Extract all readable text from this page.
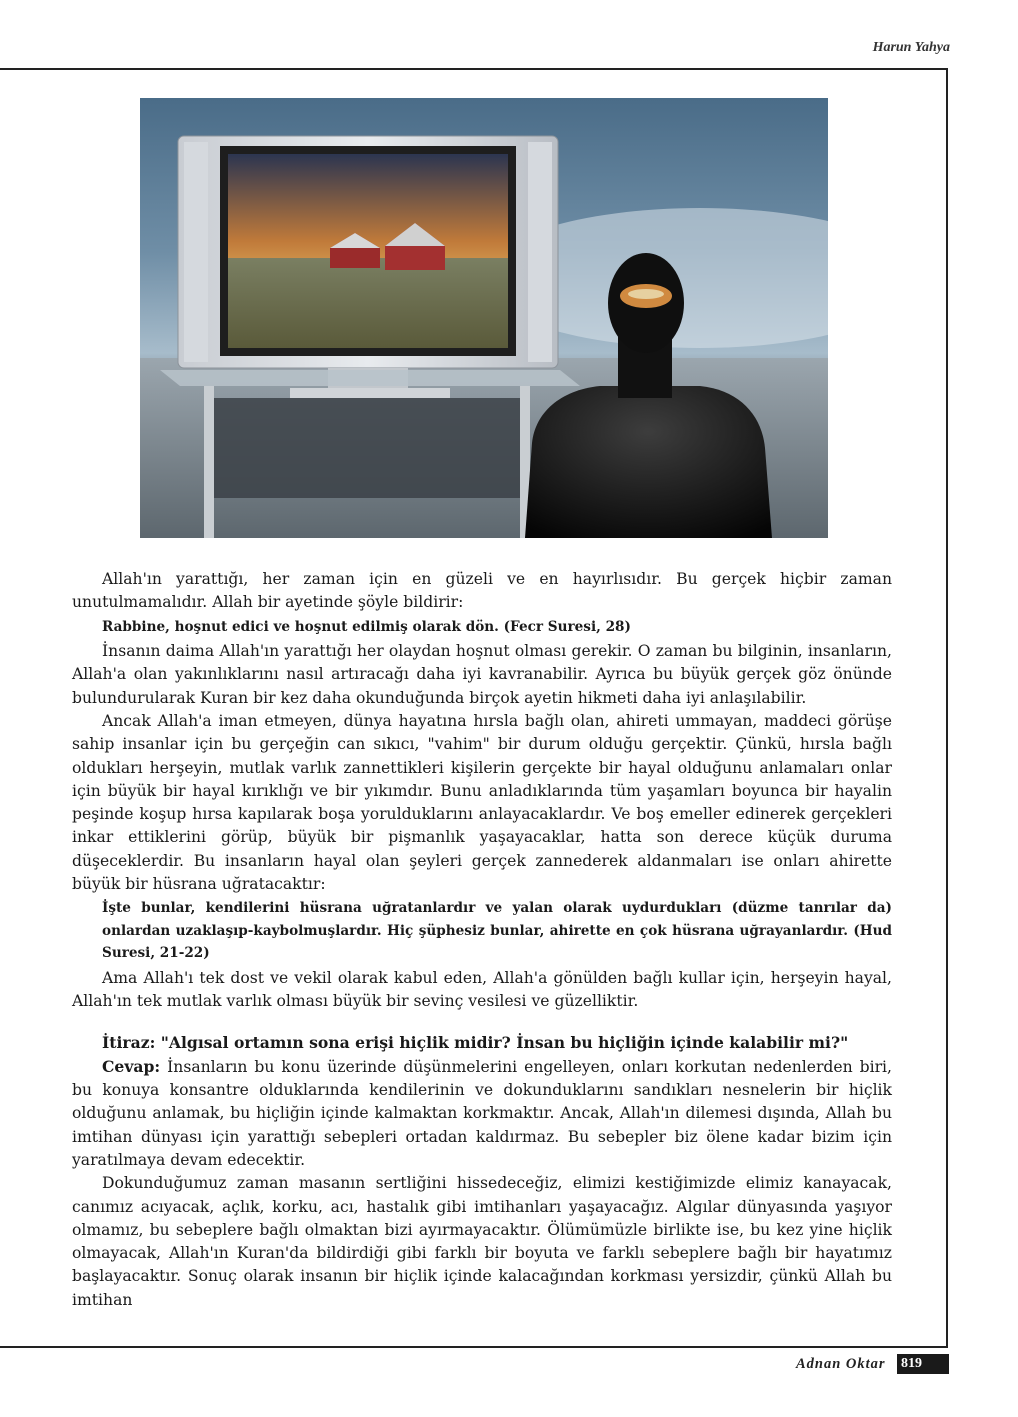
Harun Yahya

Allah'ın yarattığı, her zaman için en güzeli ve en hayırlısıdır. Bu gerçek hiçbir zaman unutulmamalıdır. Allah bir ayetinde şöyle bildirir:

Rabbine, hoşnut edici ve hoşnut edilmiş olarak dön. (Fecr Suresi, 28)

İnsanın daima Allah'ın yarattığı her olaydan hoşnut olması gerekir. O zaman bu bilginin, insanların, Allah'a olan yakınlıklarını nasıl artıracağı daha iyi kavranabilir. Ayrıca bu büyük gerçek göz önünde bulundurularak Kuran bir kez daha okunduğunda birçok ayetin hikmeti daha iyi anlaşılabilir.

Ancak Allah'a iman etmeyen, dünya hayatına hırsla bağlı olan, ahireti ummayan, maddeci görüşe sahip insanlar için bu gerçeğin can sıkıcı, "vahim" bir durum olduğu gerçektir. Çünkü, hırsla bağlı oldukları herşeyin, mutlak varlık zannettikleri kişilerin gerçekte bir hayal olduğunu anlamaları onlar için büyük bir hayal kırıklığı ve bir yıkımdır. Bunu anladıklarında tüm yaşamları boyunca bir hayalin peşinde koşup hırsa kapılarak boşa yorulduklarını anlayacaklardır. Ve boş emeller edinerek gerçekleri inkar ettiklerini görüp, büyük bir pişmanlık yaşayacaklar, hatta son derece küçük duruma düşeceklerdir. Bu insanların hayal olan şeyleri gerçek zannederek aldanmaları ise onları ahirette büyük bir hüsrana uğratacaktır:

İşte bunlar, kendilerini hüsrana uğratanlardır ve yalan olarak uydurdukları (düzme tanrılar da) onlardan uzaklaşıp-kaybolmuşlardır. Hiç şüphesiz bunlar, ahirette en çok hüsrana uğrayanlardır. (Hud Suresi, 21-22)

Ama Allah'ı tek dost ve vekil olarak kabul eden, Allah'a gönülden bağlı kullar için, herşeyin hayal, Allah'ın tek mutlak varlık olması büyük bir sevinç vesilesi ve güzelliktir.

İtiraz: "Algısal ortamın sona erişi hiçlik midir? İnsan bu hiçliğin içinde kalabilir mi?"

Cevap: İnsanların bu konu üzerinde düşünmelerini engelleyen, onları korkutan nedenlerden biri, bu konuya konsantre olduklarında kendilerinin ve dokunduklarını sandıkları nesnelerin bir hiçlik olduğunu anlamak, bu hiçliğin içinde kalmaktan korkmaktır. Ancak, Allah'ın dilemesi dışında, Allah bu imtihan dünyası için yarattığı sebepleri ortadan kaldırmaz. Bu sebepler biz ölene kadar bizim için yaratılmaya devam edecektir.

Dokunduğumuz zaman masanın sertliğini hissedeceğiz, elimizi kestiğimizde elimiz kanayacak, canımız acıyacak, açlık, korku, acı, hastalık gibi imtihanları yaşayacağız. Algılar dünyasında yaşıyor olmamız, bu sebeplere bağlı olmaktan bizi ayırmayacaktır. Ölümümüzle birlikte ise, bu kez yine hiçlik olmayacak, Allah'ın Kuran'da bildirdiği gibi farklı bir boyuta ve farklı sebeplere bağlı bir hayatımız başlayacaktır. Sonuç olarak insanın bir hiçlik içinde kalacağından korkması yersizdir, çünkü Allah bu imtihan

Adnan Oktar 819
